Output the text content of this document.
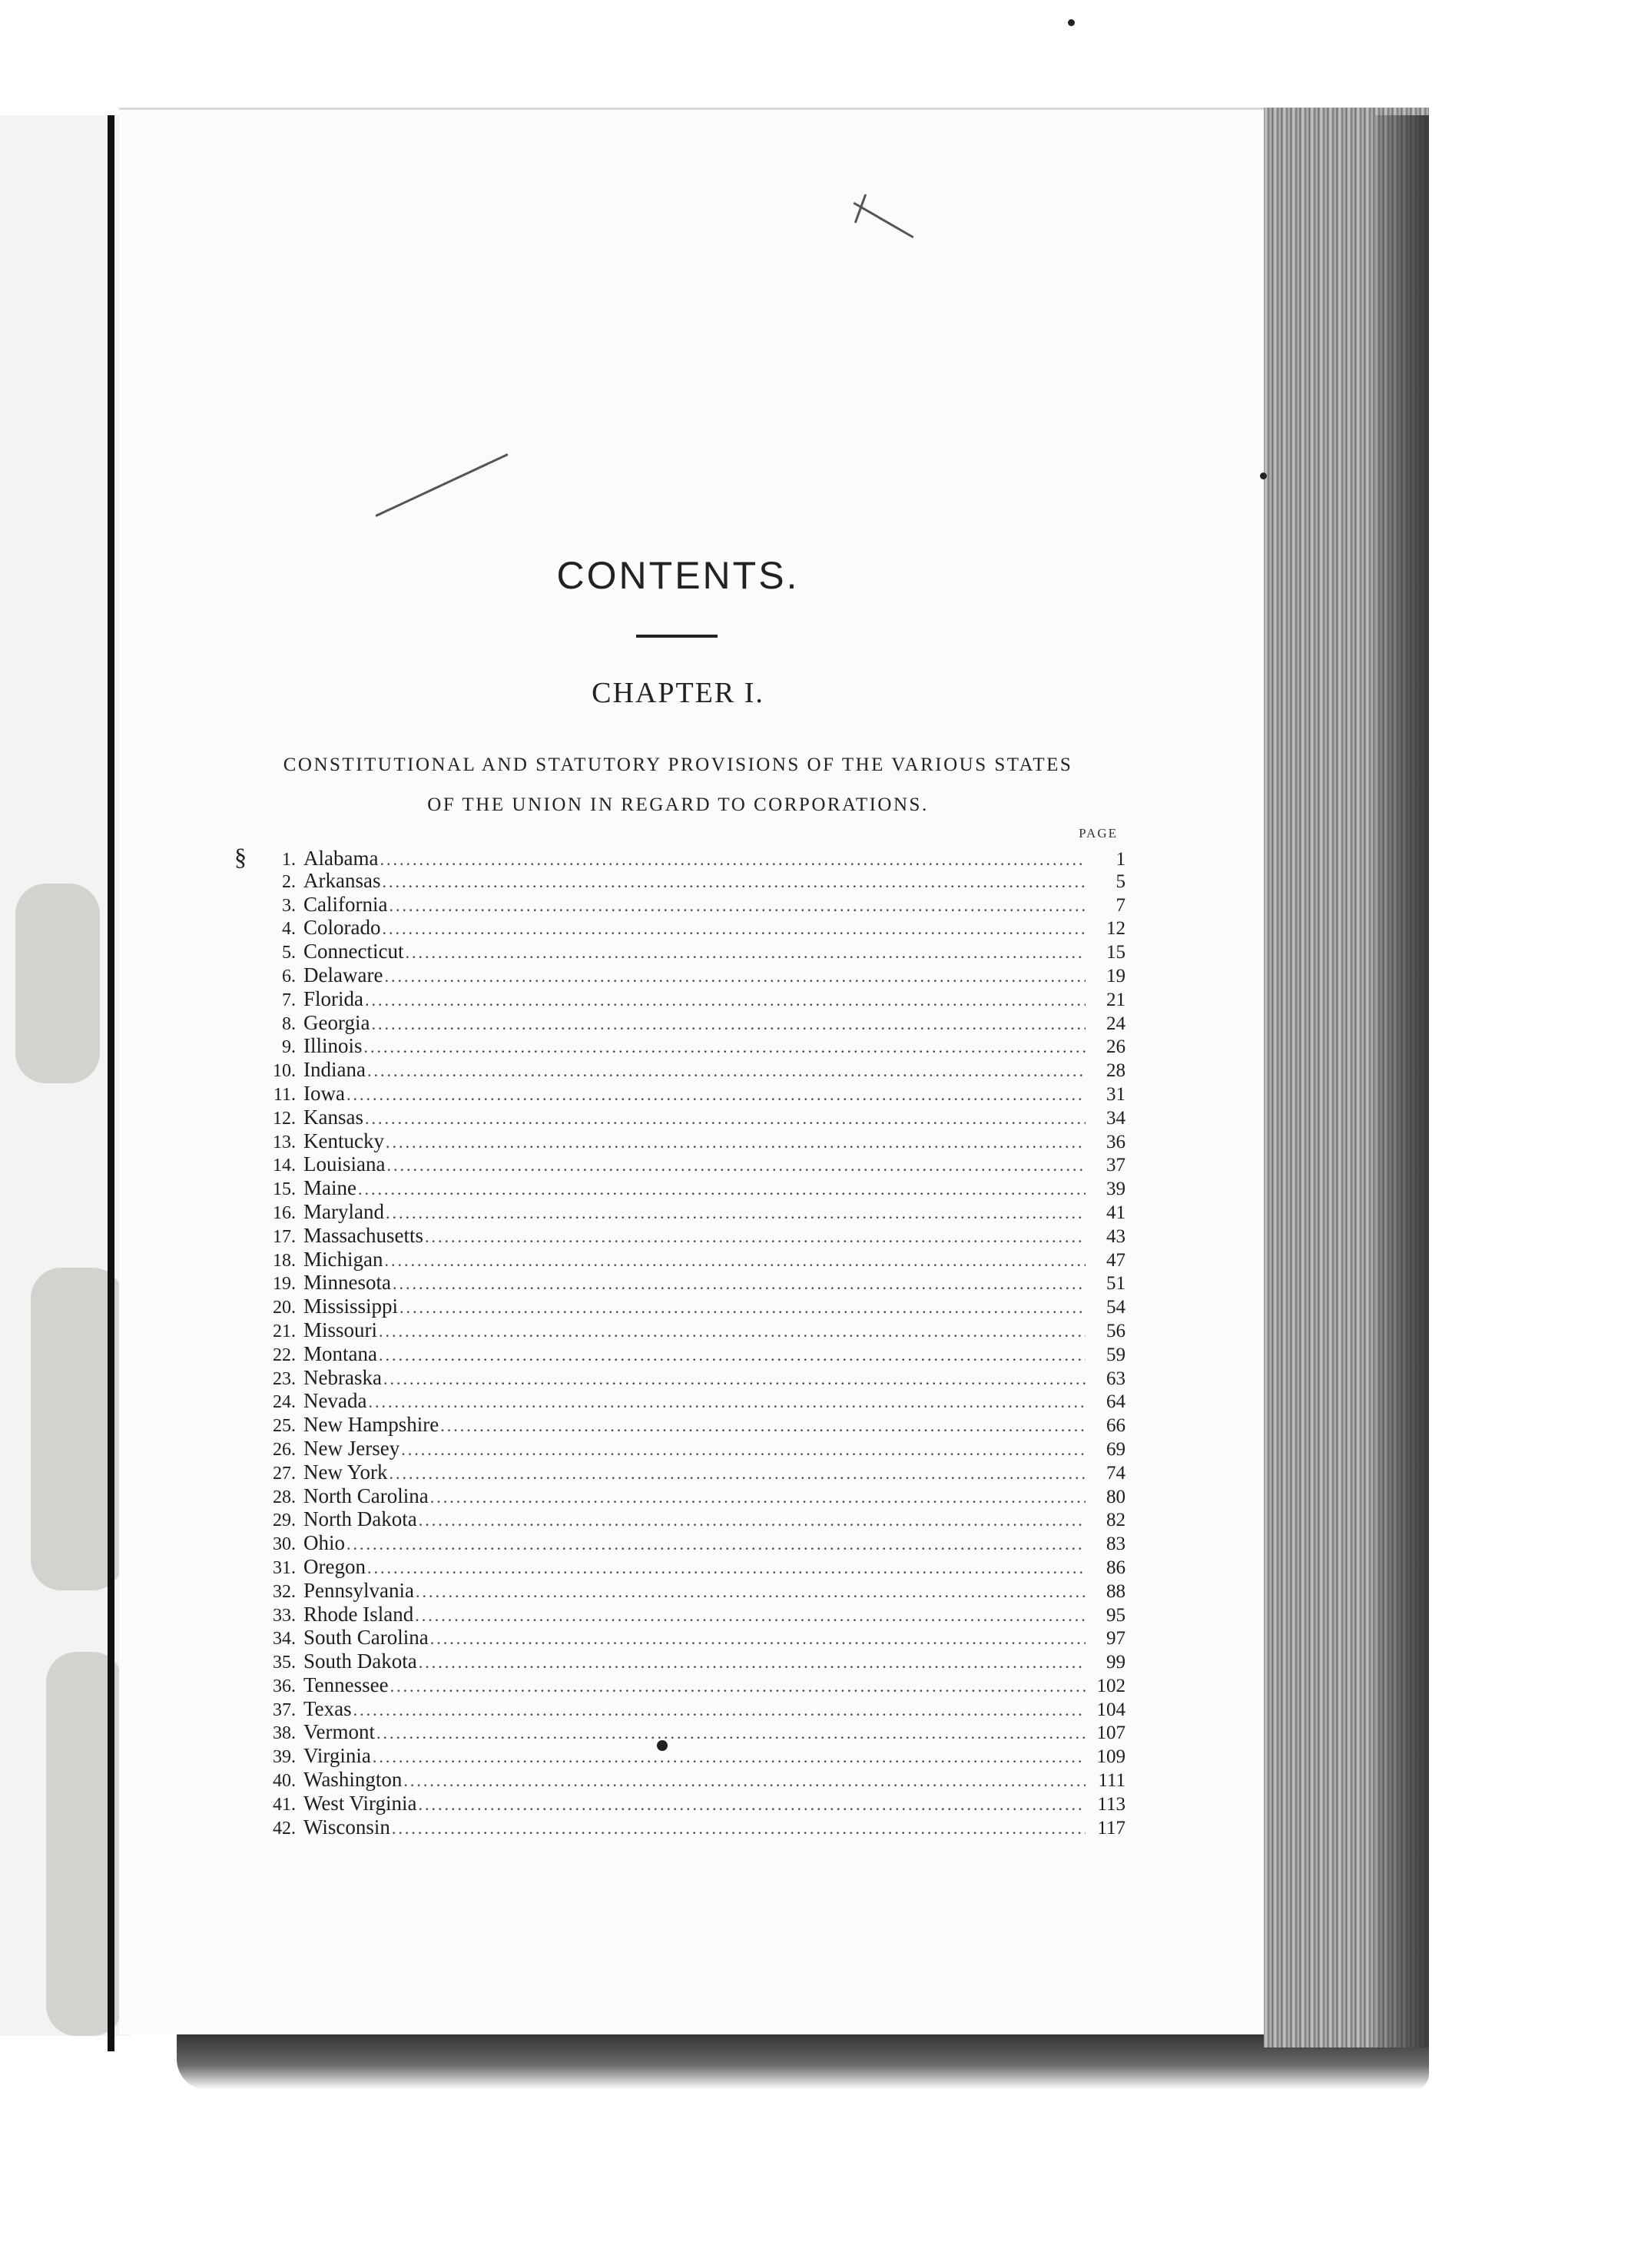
CONTENTS.
CHAPTER I.
CONSTITUTIONAL AND STATUTORY PROVISIONS OF THE VARIOUS STATES
OF THE UNION IN REGARD TO CORPORATIONS.
PAGE
§	1. Alabama .....	1
2. Arkansas .....	5
3. California .....	7
4. Colorado .....	12
5. Connecticut .....	15
6. Delaware .....	19
7. Florida .....	21
8. Georgia .....	24
9. Illinois .....	26
10. Indiana .....	28
11. Iowa .....	31
12. Kansas .....	34
13. Kentucky .....	36
14. Louisiana .....	37
15. Maine .....	39
16. Maryland .....	41
17. Massachusetts .....	43
18. Michigan .....	47
19. Minnesota .....	51
20. Mississippi .....	54
21. Missouri .....	56
22. Montana .....	59
23. Nebraska .....	63
24. Nevada .....	64
25. New Hampshire .....	66
26. New Jersey .....	69
27. New York .....	74
28. North Carolina .....	80
29. North Dakota .....	82
30. Ohio .....	83
31. Oregon .....	86
32. Pennsylvania .....	88
33. Rhode Island .....	95
34. South Carolina .....	97
35. South Dakota .....	99
36. Tennessee .....	102
37. Texas .....	104
38. Vermont .....	107
39. Virginia .....	109
40. Washington .....	111
41. West Virginia .....	113
42. Wisconsin .....	117
